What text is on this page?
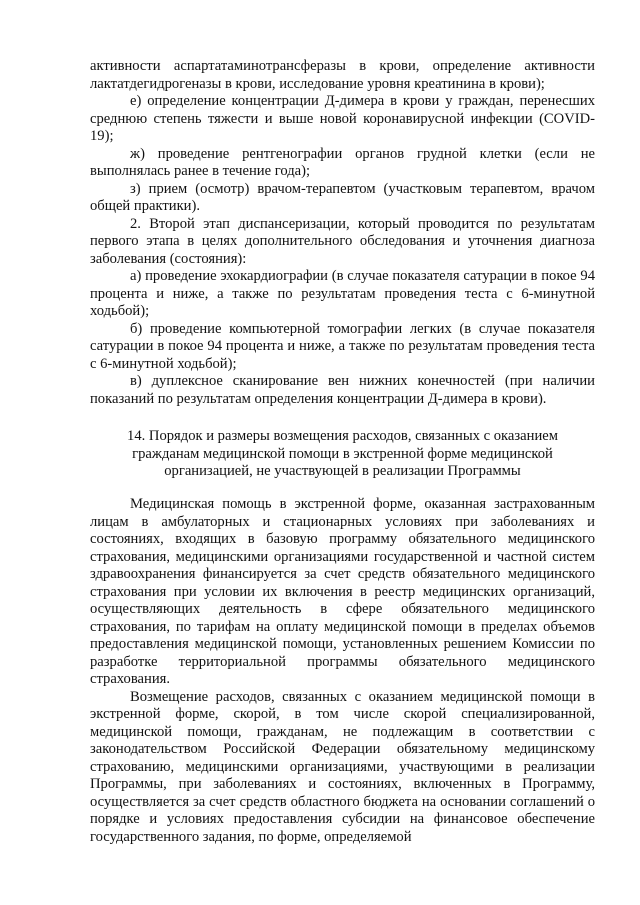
активности аспартатаминотрансферазы в крови, определение активности лактатдегидрогеназы в крови, исследование уровня креатинина в крови);

е) определение концентрации Д-димера в крови у граждан, перенесших среднюю степень тяжести и выше новой коронавирусной инфекции (COVID-19);

ж) проведение рентгенографии органов грудной клетки (если не выполнялась ранее в течение года);

з) прием (осмотр) врачом-терапевтом (участковым терапевтом, врачом общей практики).

2. Второй этап диспансеризации, который проводится по результатам первого этапа в целях дополнительного обследования и уточнения диагноза заболевания (состояния):

а) проведение эхокардиографии (в случае показателя сатурации в покое 94 процента и ниже, а также по результатам проведения теста с 6-минутной ходьбой);

б) проведение компьютерной томографии легких (в случае показателя сатурации в покое 94 процента и ниже, а также по результатам проведения теста с 6-минутной ходьбой);

в) дуплексное сканирование вен нижних конечностей (при наличии показаний по результатам определения концентрации Д-димера в крови).

14. Порядок и размеры возмещения расходов, связанных с оказанием гражданам медицинской помощи в экстренной форме медицинской организацией, не участвующей в реализации Программы

Медицинская помощь в экстренной форме, оказанная застрахованным лицам в амбулаторных и стационарных условиях при заболеваниях и состояниях, входящих в базовую программу обязательного медицинского страхования, медицинскими организациями государственной и частной систем здравоохранения финансируется за счет средств обязательного медицинского страхования при условии их включения в реестр медицинских организаций, осуществляющих деятельность в сфере обязательного медицинского страхования, по тарифам на оплату медицинской помощи в пределах объемов предоставления медицинской помощи, установленных решением Комиссии по разработке территориальной программы обязательного медицинского страхования.

Возмещение расходов, связанных с оказанием медицинской помощи в экстренной форме, скорой, в том числе скорой специализированной, медицинской помощи, гражданам, не подлежащим в соответствии с законодательством Российской Федерации обязательному медицинскому страхованию, медицинскими организациями, участвующими в реализации Программы, при заболеваниях и состояниях, включенных в Программу, осуществляется за счет средств областного бюджета на основании соглашений о порядке и условиях предоставления субсидии на финансовое обеспечение государственного задания, по форме, определяемой
